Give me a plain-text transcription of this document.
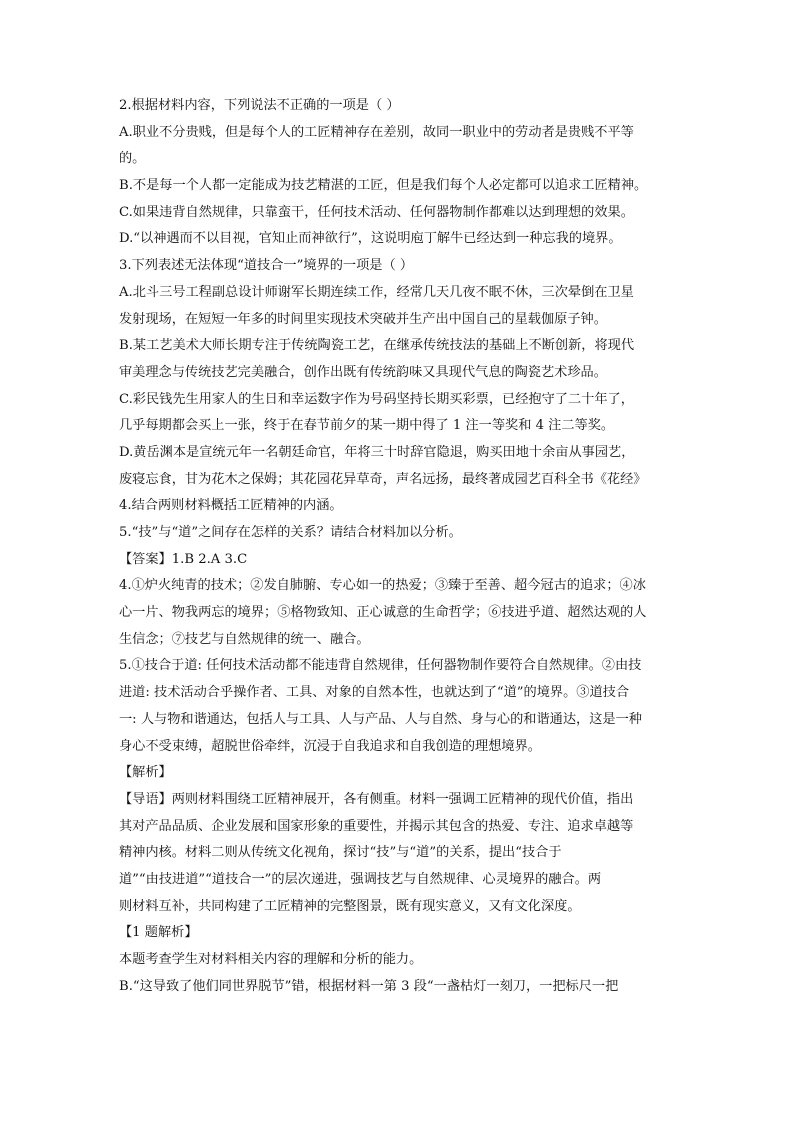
2.根据材料内容，下列说法不正确的一项是（ ）
A.职业不分贵贱，但是每个人的工匠精神存在差别，故同一职业中的劳动者是贵贱不平等
的。
B.不是每一个人都一定能成为技艺精湛的工匠，但是我们每个人必定都可以追求工匠精神。
C.如果违背自然规律，只靠蛮干，任何技术活动、任何器物制作都难以达到理想的效果。
D.“以神遇而不以目视，官知止而神欲行”，这说明庖丁解牛已经达到一种忘我的境界。
3.下列表述无法体现“道技合一”境界的一项是（ ）
A.北斗三号工程副总设计师谢军长期连续工作，经常几天几夜不眠不休，三次晕倒在卫星
发射现场，在短短一年多的时间里实现技术突破并生产出中国自己的星载伽原子钟。
B.某工艺美术大师长期专注于传统陶瓷工艺，在继承传统技法的基础上不断创新，将现代
审美理念与传统技艺完美融合，创作出既有传统韵味又具现代气息的陶瓷艺术珍品。
C.彩民钱先生用家人的生日和幸运数字作为号码坚持长期买彩票，已经抱守了二十年了，
几乎每期都会买上一张，终于在春节前夕的某一期中得了 1 注一等奖和 4 注二等奖。
D.黄岳渊本是宣统元年一名朝廷命官，年将三十时辞官隐退，购买田地十余亩从事园艺，
废寝忘食，甘为花木之保姆；其花园花异草奇，声名远扬，最终著成园艺百科全书《花经》
4.结合两则材料概括工匠精神的内涵。
5.“技”与“道”之间存在怎样的关系？请结合材料加以分析。
【答案】1.B 2.A 3.C
4.①炉火纯青的技术；②发自肺腑、专心如一的热爱；③臻于至善、超今冠古的追求；④冰
心一片、物我两忘的境界；⑤格物致知、正心诚意的生命哲学；⑥技进乎道、超然达观的人
生信念；⑦技艺与自然规律的统一、融合。
5.①技合于道: 任何技术活动都不能违背自然规律，任何器物制作要符合自然规律。②由技
进道: 技术活动合乎操作者、工具、对象的自然本性，也就达到了“道”的境界。③道技合
一: 人与物和谐通达，包括人与工具、人与产品、人与自然、身与心的和谐通达，这是一种
身心不受束缚，超脱世俗牵绊，沉浸于自我追求和自我创造的理想境界。
【解析】
【导语】两则材料围绕工匠精神展开，各有侧重。材料一强调工匠精神的现代价值，指出
其对产品品质、企业发展和国家形象的重要性，并揭示其包含的热爱、专注、追求卓越等
精神内核。材料二则从传统文化视角，探讨“技”与“道”的关系，提出“技合于
道”“由技进道”“道技合一”的层次递进，强调技艺与自然规律、心灵境界的融合。两
则材料互补，共同构建了工匠精神的完整图景，既有现实意义，又有文化深度。
【1 题解析】
本题考查学生对材料相关内容的理解和分析的能力。
B.“这导致了他们同世界脱节”错，根据材料一第 3 段“一盏枯灯一刻刀，一把标尺一把
